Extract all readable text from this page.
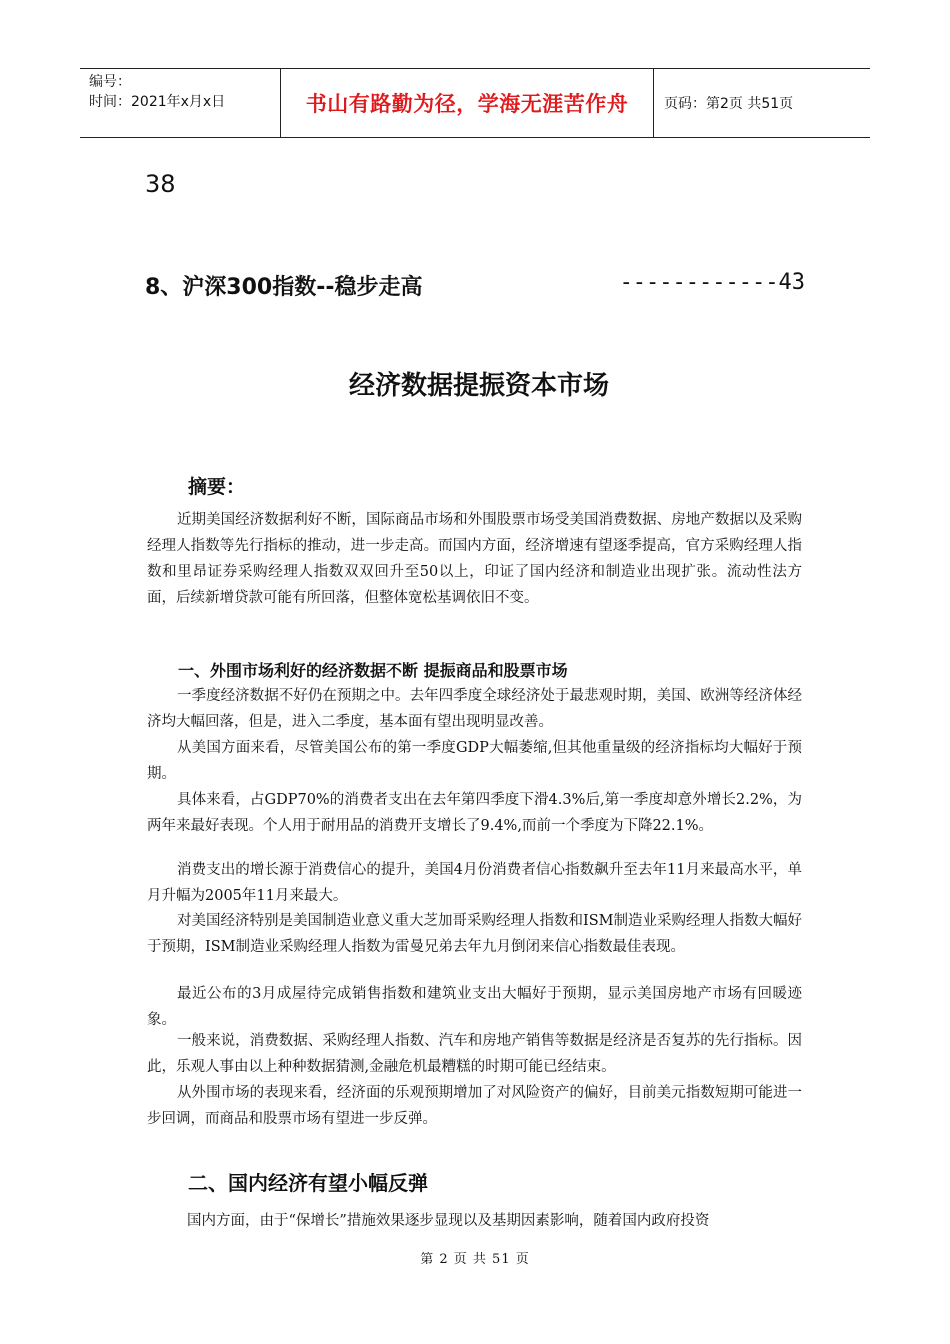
编号：
时间：2021年x月x日	书山有路勤为径，学海无涯苦作舟	页码：第2页 共51页
38
8、沪深300指数--稳步走高	------------43
经济数据提振资本市场
摘要：

近期美国经济数据利好不断，国际商品市场和外围股票市场受美国消费数据、房地产数据以及采购经理人指数等先行指标的推动，进一步走高。而国内方面，经济增速有望逐季提高，官方采购经理人指数和里昂证券采购经理人指数双双回升至50以上，印证了国内经济和制造业出现扩张。流动性法方面，后续新增贷款可能有所回落，但整体宽松基调依旧不变。

一、外围市场利好的经济数据不断 提振商品和股票市场

一季度经济数据不好仍在预期之中。去年四季度全球经济处于最悲观时期，美国、欧洲等经济体经济均大幅回落，但是，进入二季度，基本面有望出现明显改善。

从美国方面来看，尽管美国公布的第一季度GDP大幅萎缩,但其他重量级的经济指标均大幅好于预期。

具体来看，占GDP70%的消费者支出在去年第四季度下滑4.3%后,第一季度却意外增长2.2%，为两年来最好表现。个人用于耐用品的消费开支增长了9.4%,而前一个季度为下降22.1%。

消费支出的增长源于消费信心的提升，美国4月份消费者信心指数飙升至去年11月来最高水平，单月升幅为2005年11月来最大。

对美国经济特别是美国制造业意义重大芝加哥采购经理人指数和ISM制造业采购经理人指数大幅好于预期，ISM制造业采购经理人指数为雷曼兄弟去年九月倒闭来信心指数最佳表现。

最近公布的3月成屋待完成销售指数和建筑业支出大幅好于预期，显示美国房地产市场有回暖迹象。

一般来说，消费数据、采购经理人指数、汽车和房地产销售等数据是经济是否复苏的先行指标。因此，乐观人事由以上种种数据猜测,金融危机最糟糕的时期可能已经结束。

从外围市场的表现来看，经济面的乐观预期增加了对风险资产的偏好，目前美元指数短期可能进一步回调，而商品和股票市场有望进一步反弹。

二、国内经济有望小幅反弹

国内方面，由于“保增长”措施效果逐步显现以及基期因素影响，随着国内政府投资

第 2 页 共 51 页
